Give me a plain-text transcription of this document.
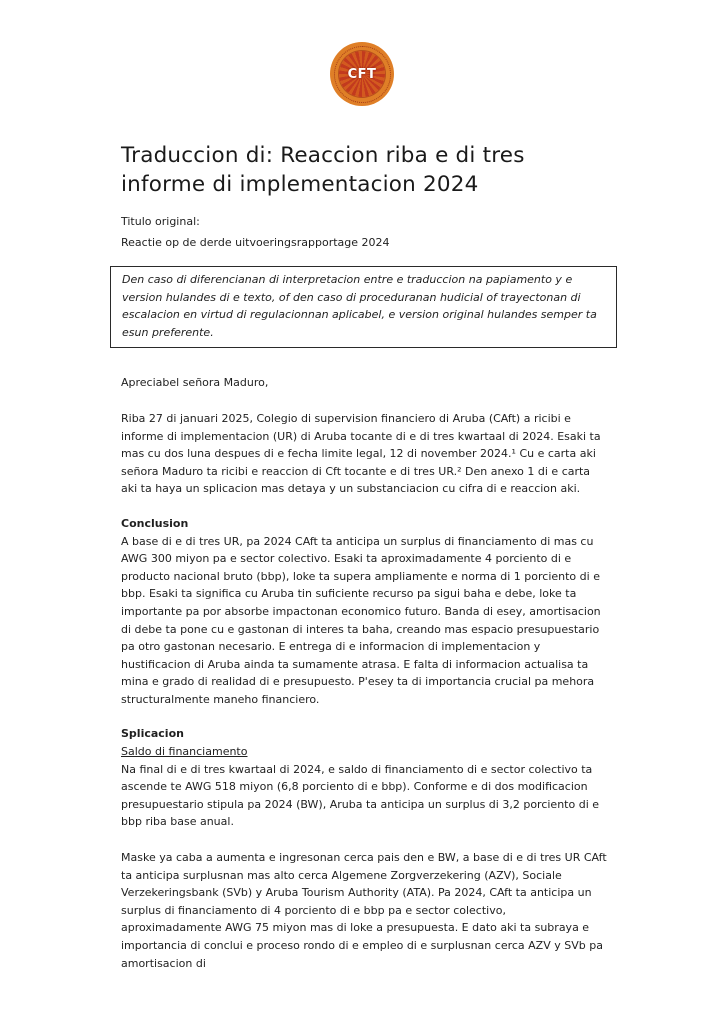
CFT
Traduccion di: Reaccion riba e di tres informe di implementacion 2024
Titulo original:
Reactie op de derde uitvoeringsrapportage 2024
Den caso di diferencianan di interpretacion entre e traduccion na papiamento y e version hulandes di e texto, of den caso di proceduranan hudicial of trayectonan di escalacion en virtud di regulacionnan aplicabel, e version original hulandes semper ta esun preferente.
Apreciabel señora Maduro,
Riba 27 di januari 2025, Colegio di supervision financiero di Aruba (CAft) a ricibi e informe di implementacion (UR) di Aruba tocante di e di tres kwartaal di 2024. Esaki ta mas cu dos luna despues di e fecha limite legal, 12 di november 2024.¹ Cu e carta aki señora Maduro ta ricibi e reaccion di Cft tocante e di tres UR.² Den anexo 1 di e carta aki ta haya un splicacion mas detaya y un substanciacion cu cifra di e reaccion aki.
Conclusion
A base di e di tres UR, pa 2024 CAft ta anticipa un surplus di financiamento di mas cu AWG 300 miyon pa e sector colectivo. Esaki ta aproximadamente 4 porciento di e producto nacional bruto (bbp), loke ta supera ampliamente e norma di 1 porciento di e bbp. Esaki ta significa cu Aruba tin suficiente recurso pa sigui baha e debe, loke ta importante pa por absorbe impactonan economico futuro. Banda di esey, amortisacion di debe ta pone cu e gastonan di interes ta baha, creando mas espacio presupuestario pa otro gastonan necesario. E entrega di e informacion di implementacion y hustificacion di Aruba ainda ta sumamente atrasa. E falta di informacion actualisa ta mina e grado di realidad di e presupuesto. P'esey ta di importancia crucial pa mehora structuralmente maneho financiero.
Splicacion
Saldo di financiamento
Na final di e di tres kwartaal di 2024, e saldo di financiamento di e sector colectivo ta ascende te AWG 518 miyon (6,8 porciento di e bbp). Conforme e di dos modificacion presupuestario stipula pa 2024 (BW), Aruba ta anticipa un surplus di 3,2 porciento di e bbp riba base anual.
Maske ya caba a aumenta e ingresonan cerca pais den e BW, a base di e di tres UR CAft ta anticipa surplusnan mas alto cerca Algemene Zorgverzekering (AZV), Sociale Verzekeringsbank (SVb) y Aruba Tourism Authority (ATA). Pa 2024, CAft ta anticipa un surplus di financiamento di 4 porciento di e bbp pa e sector colectivo, aproximadamente AWG 75 miyon mas di loke a presupuesta. E dato aki ta subraya e importancia di conclui e proceso rondo di e empleo di e surplusnan cerca AZV y SVb pa amortisacion di
